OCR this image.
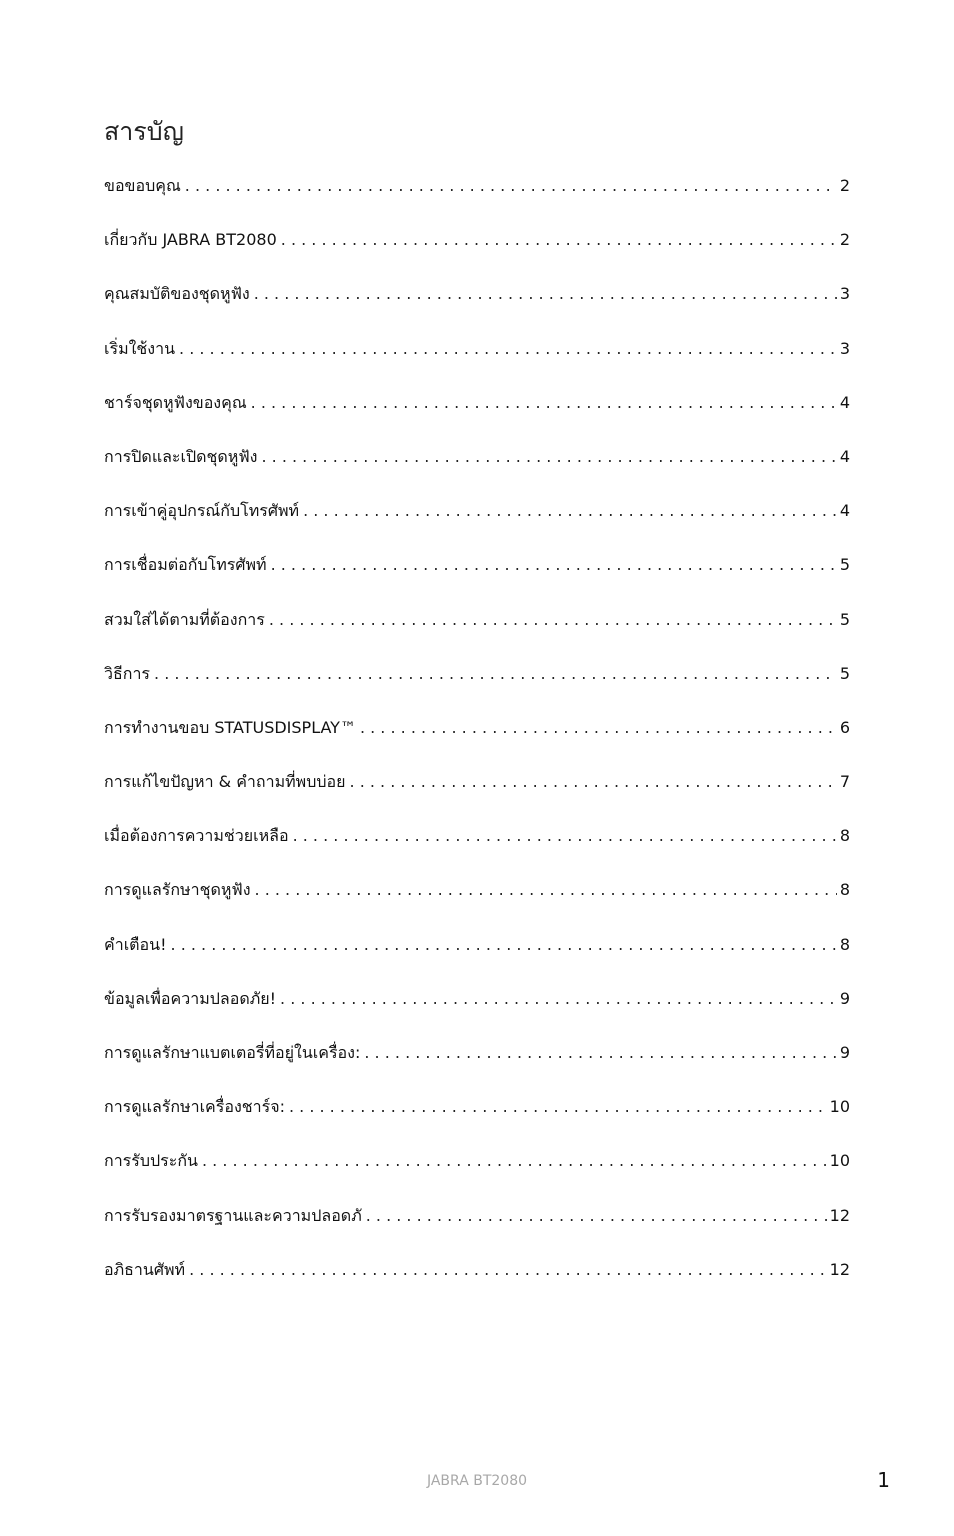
สารบัญ
ขอขอบคุณ . . .	2
เกี่ยวกับ JABRA BT2080 . . .	2
คุณสมบัติของชุดหูฟัง . . .	3
เริ่มใช้งาน . . .	3
ชาร์จชุดหูฟังของคุณ . . .	4
การปิดและเปิดชุดหูฟัง . . .	4
การเข้าคู่อุปกรณ์กับโทรศัพท์ . . .	4
การเชื่อมต่อกับโทรศัพท์ . . .	5
สวมใส่ได้ตามที่ต้องการ . . .	5
วิธีการ . . .	5
การทำงานขอบ STATUSDISPLAY™ . . .	6
การแก้ไขปัญหา & คำถามที่พบบ่อย . . .	7
เมื่อต้องการความช่วยเหลือ . . .	8
การดูแลรักษาชุดหูฟัง . . .	8
คำเตือน! . . .	8
ข้อมูลเพื่อความปลอดภัย! . . .	9
การดูแลรักษาแบตเตอรี่ที่อยู่ในเครื่อง: . . .	9
การดูแลรักษาเครื่องชาร์จ: . . .	10
การรับประกัน . . .	10
การรับรองมาตรฐานและความปลอดภั . . .	12
อภิธานศัพท์ . . .	12
JABRA BT2080	1
